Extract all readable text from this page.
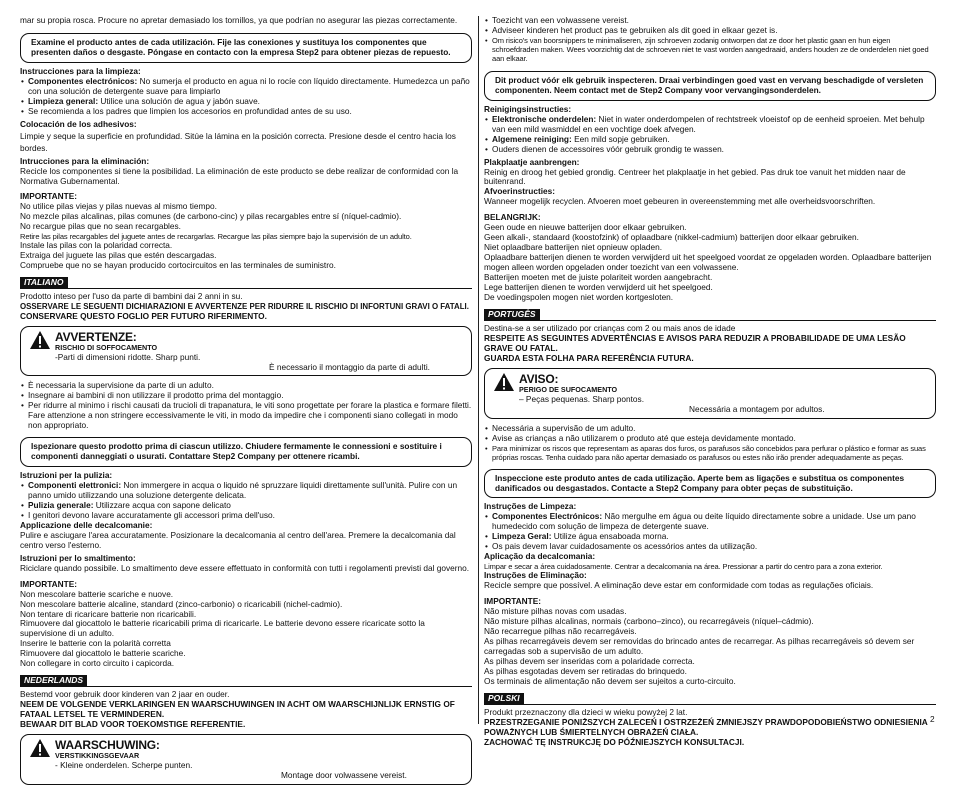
mar su propia rosca. Procure no apretar demasiado los tornillos, ya que podrían no asegurar las piezas correctamente.

Examine el producto antes de cada utilización. Fije las conexiones y sustituya los componentes que presenten daños o desgaste. Póngase en contacto con la empresa Step2 para obtener piezas de repuesto.

Instrucciones para la limpieza:

• Componentes electrónicos: No sumerja el producto en agua ni lo rocíe con líquido directamente. Humedezca un paño con una solución de detergente suave para limpiarlo
• Limpieza general: Utilice una solución de agua y jabón suave.
• Se recomienda a los padres que limpien los accesorios en profundidad antes de su uso.

Colocación de los adhesivos:

Limpie y seque la superficie en profundidad. Sitúe la lámina en la posición correcta. Presione desde el centro hacia los bordes.

Intrucciones para la eliminación:

Recicle los componentes si tiene la posibilidad. La eliminación de este producto se debe realizar de conformidad con la Normativa Gubernamental.

IMPORTANTE:

No utilice pilas viejas y pilas nuevas al mismo tiempo.

No mezcle pilas alcalinas, pilas comunes (de carbono-cinc) y pilas recargables entre sí (níquel-cadmio).

No recargue pilas que no sean recargables.

Retire las pilas recargables del juguete antes de recargarlas. Recargue las pilas siempre bajo la supervisión de un adulto.

Instale las pilas con la polaridad correcta.

Extraiga del juguete las pilas que estén descargadas.

Compruebe que no se hayan producido cortocircuitos en las terminales de suministro.

ITALIANO

Prodotto inteso per l'uso da parte di bambini dai 2 anni in su.

OSSERVARE LE SEGUENTI DICHIARAZIONI E AVVERTENZE PER RIDURRE IL RISCHIO DI INFORTUNI GRAVI O FATALI.

CONSERVARE QUESTO FOGLIO PER FUTURO RIFERIMENTO.

AVVERTENZE:
RISCHIO DI SOFFOCAMENTO
-Parti di dimensioni ridotte. Sharp punti.
È necessario il montaggio da parte di adulti.
• È necessaria la supervisione da parte di un adulto.
• Insegnare ai bambini di non utilizzare il prodotto prima del montaggio.
• Per ridurre al minimo i rischi causati da trucioli di trapanatura, le viti sono progettate per forare la plastica e formare filetti. Fare attenzione a non stringere eccessivamente le viti, in modo da impedire che i componenti siano collegati in modo non appropriato.
Ispezionare questo prodotto prima di ciascun utilizzo. Chiudere fermamente le connessioni e sostituire i componenti danneggiati o usurati. Contattare Step2 Company per ottenere ricambi.

Istruzioni per la pulizia:

• Componenti elettronici: Non immergere in acqua o liquido né spruzzare liquidi direttamente sull'unità. Pulire con un panno umido utilizzando una soluzione detergente delicata.
• Pulizia generale: Utilizzare acqua con sapone delicato
• I genitori devono lavare accuratamente gli accessori prima dell'uso.

Applicazione delle decalcomanie:

Pulire e asciugare l'area accuratamente. Posizionare la decalcomania al centro dell'area. Premere la decalcomania dal centro verso l'esterno.

Istruzioni per lo smaltimento:

Riciclare quando possibile. Lo smaltimento deve essere effettuato in conformità con tutti i regolamenti previsti dal governo.

IMPORTANTE:

Non mescolare batterie scariche e nuove.

Non mescolare batterie alcaline, standard (zinco-carbonio) o ricaricabili (nichel-cadmio).

Non tentare di ricaricare batterie non ricaricabili.

Rimuovere dal giocattolo le batterie ricaricabili prima di ricaricarle. Le batterie devono essere ricaricate sotto la supervisione di un adulto.

Inserire le batterie con la polarità corretta

Rimuovere dal giocattolo le batterie scariche.

Non collegare in corto circuito i capicorda.

NEDERLANDS

Bestemd voor gebruik door kinderen van 2 jaar en ouder.

NEEM DE VOLGENDE VERKLARINGEN EN WAARSCHUWINGEN IN ACHT OM WAARSCHIJNLIJK ERNSTIG OF FATAAL LETSEL TE VERMINDEREN.

BEWAAR DIT BLAD VOOR TOEKOMSTIGE REFERENTIE.

WAARSCHUWING:
VERSTIKKINGSGEVAAR
- Kleine onderdelen. Scherpe punten.
Montage door volwassene vereist.
• Toezicht van een volwassene vereist.
• Adviseer kinderen het product pas te gebruiken als dit goed in elkaar gezet is.
• Om risico's van boorsnippers te minimaliseren, zijn schroeven zodanig ontworpen dat ze door het plastic gaan en hun eigen schroefdraden maken. Wees voorzichtig dat de schroeven niet te vast worden aangedraaid, anders houden ze de onderdelen niet goed aan elkaar.
Dit product vóór elk gebruik inspecteren. Draai verbindingen goed vast en vervang beschadigde of versleten componenten. Neem contact met de Step2 Company voor vervangingsonderdelen.

Reinigingsinstructies:

• Elektronische onderdelen: Niet in water onderdompelen of rechtstreek vloeistof op de eenheid sproeien. Met behulp van een mild wasmiddel en een vochtige doek afvegen.
• Algemene reiniging: Een mild sopje gebruiken.
• Ouders dienen de accessoires vóór gebruik grondig te wassen.

Plakplaatje aanbrengen:

Reinig en droog het gebied grondig. Centreer het plakplaatje in het gebied. Pas druk toe vanuit het midden naar de buitenrand.

Afvoerinstructies:

Wanneer mogelijk recyclen. Afvoeren moet gebeuren in overeenstemming met alle overheidsvoorschriften.

BELANGRIJK:

Geen oude en nieuwe batterijen door elkaar gebruiken.

Geen alkali-, standaard (koostofzink) of oplaadbare (nikkel-cadmium) batterijen door elkaar gebruiken.

Niet oplaadbare batterijen niet opnieuw opladen.

Oplaadbare batterijen dienen te worden verwijderd uit het speelgoed voordat ze opgeladen worden. Oplaadbare batterijen mogen alleen worden opgeladen onder toezicht van een volwassene.

Batterijen moeten met de juiste polariteit worden aangebracht.

Lege batterijen dienen te worden verwijderd uit het speelgoed.

De voedingspolen mogen niet worden kortgesloten.

PORTUGÊS

Destina-se a ser utilizado por crianças com 2 ou mais anos de idade

RESPEITE AS SEGUINTES ADVERTÊNCIAS E AVISOS PARA REDUZIR A PROBABILIDADE DE UMA LESÃO GRAVE OU FATAL.

GUARDA ESTA FOLHA PARA REFERÊNCIA FUTURA.

AVISO:
PERIGO DE SUFOCAMENTO
– Peças pequenas. Sharp pontos.
Necessária a montagem por adultos.
• Necessária a supervisão de um adulto.
• Avise as crianças a não utilizarem o produto até que esteja devidamente montado.
• Para minimizar os riscos que representam as aparas dos furos, os parafusos são concebidos para perfurar o plástico e formar as suas próprias roscas. Tenha cuidado para não apertar demasiado os parafusos ou estes não irão prender adequadamente as peças.
Inspeccione este produto antes de cada utilização. Aperte bem as ligações e substitua os componentes danificados ou desgastados. Contacte a Step2 Company para obter peças de substituição.

Instruções de Limpeza:

• Componentes Electrónicos: Não mergulhe em água ou deite líquido directamente sobre a unidade. Use um pano humedecido com solução de limpeza de detergente suave.
• Limpeza Geral: Utilize água ensaboada morna.
• Os pais devem lavar cuidadosamente os acessórios antes da utilização.

Aplicação da decalcomania:

Limpar e secar a área cuidadosamente. Centrar a decalcomania na área. Pressionar a partir do centro para a zona exterior.

Instruções de Eliminação:

Recicle sempre que possível. A eliminação deve estar em conformidade com todas as regulações oficiais.

IMPORTANTE:

Não misture pilhas novas com usadas.

Não misture pilhas alcalinas, normais (carbono–zinco), ou recarregáveis (níquel–cádmio).

Não recarregue pilhas não recarregáveis.

As pilhas recarregáveis devem ser removidas do brincado antes de recarregar. As pilhas recarregáveis só devem ser carregadas sob a supervisão de um adulto.

As pilhas devem ser inseridas com a polaridade correcta.

As pilhas esgotadas devem ser retiradas do brinquedo.

Os terminais de alimentação não devem ser sujeitos a curto-circuito.

POLSKI

Produkt przeznaczony dla dzieci w wieku powyżej 2 lat.

PRZESTRZEGANIE PONIŻSZYCH ZALECEŃ I OSTRZEŻEŃ ZMNIEJSZY PRAWDOPODOBIEŃSTWO ODNIESIENIA POWAŻNYCH LUB ŚMIERTELNYCH OBRAŻEŃ CIAŁA.

ZACHOWAĆ TĘ INSTRUKCJĘ DO PÓŹNIEJSZYCH KONSULTACJI.

2
